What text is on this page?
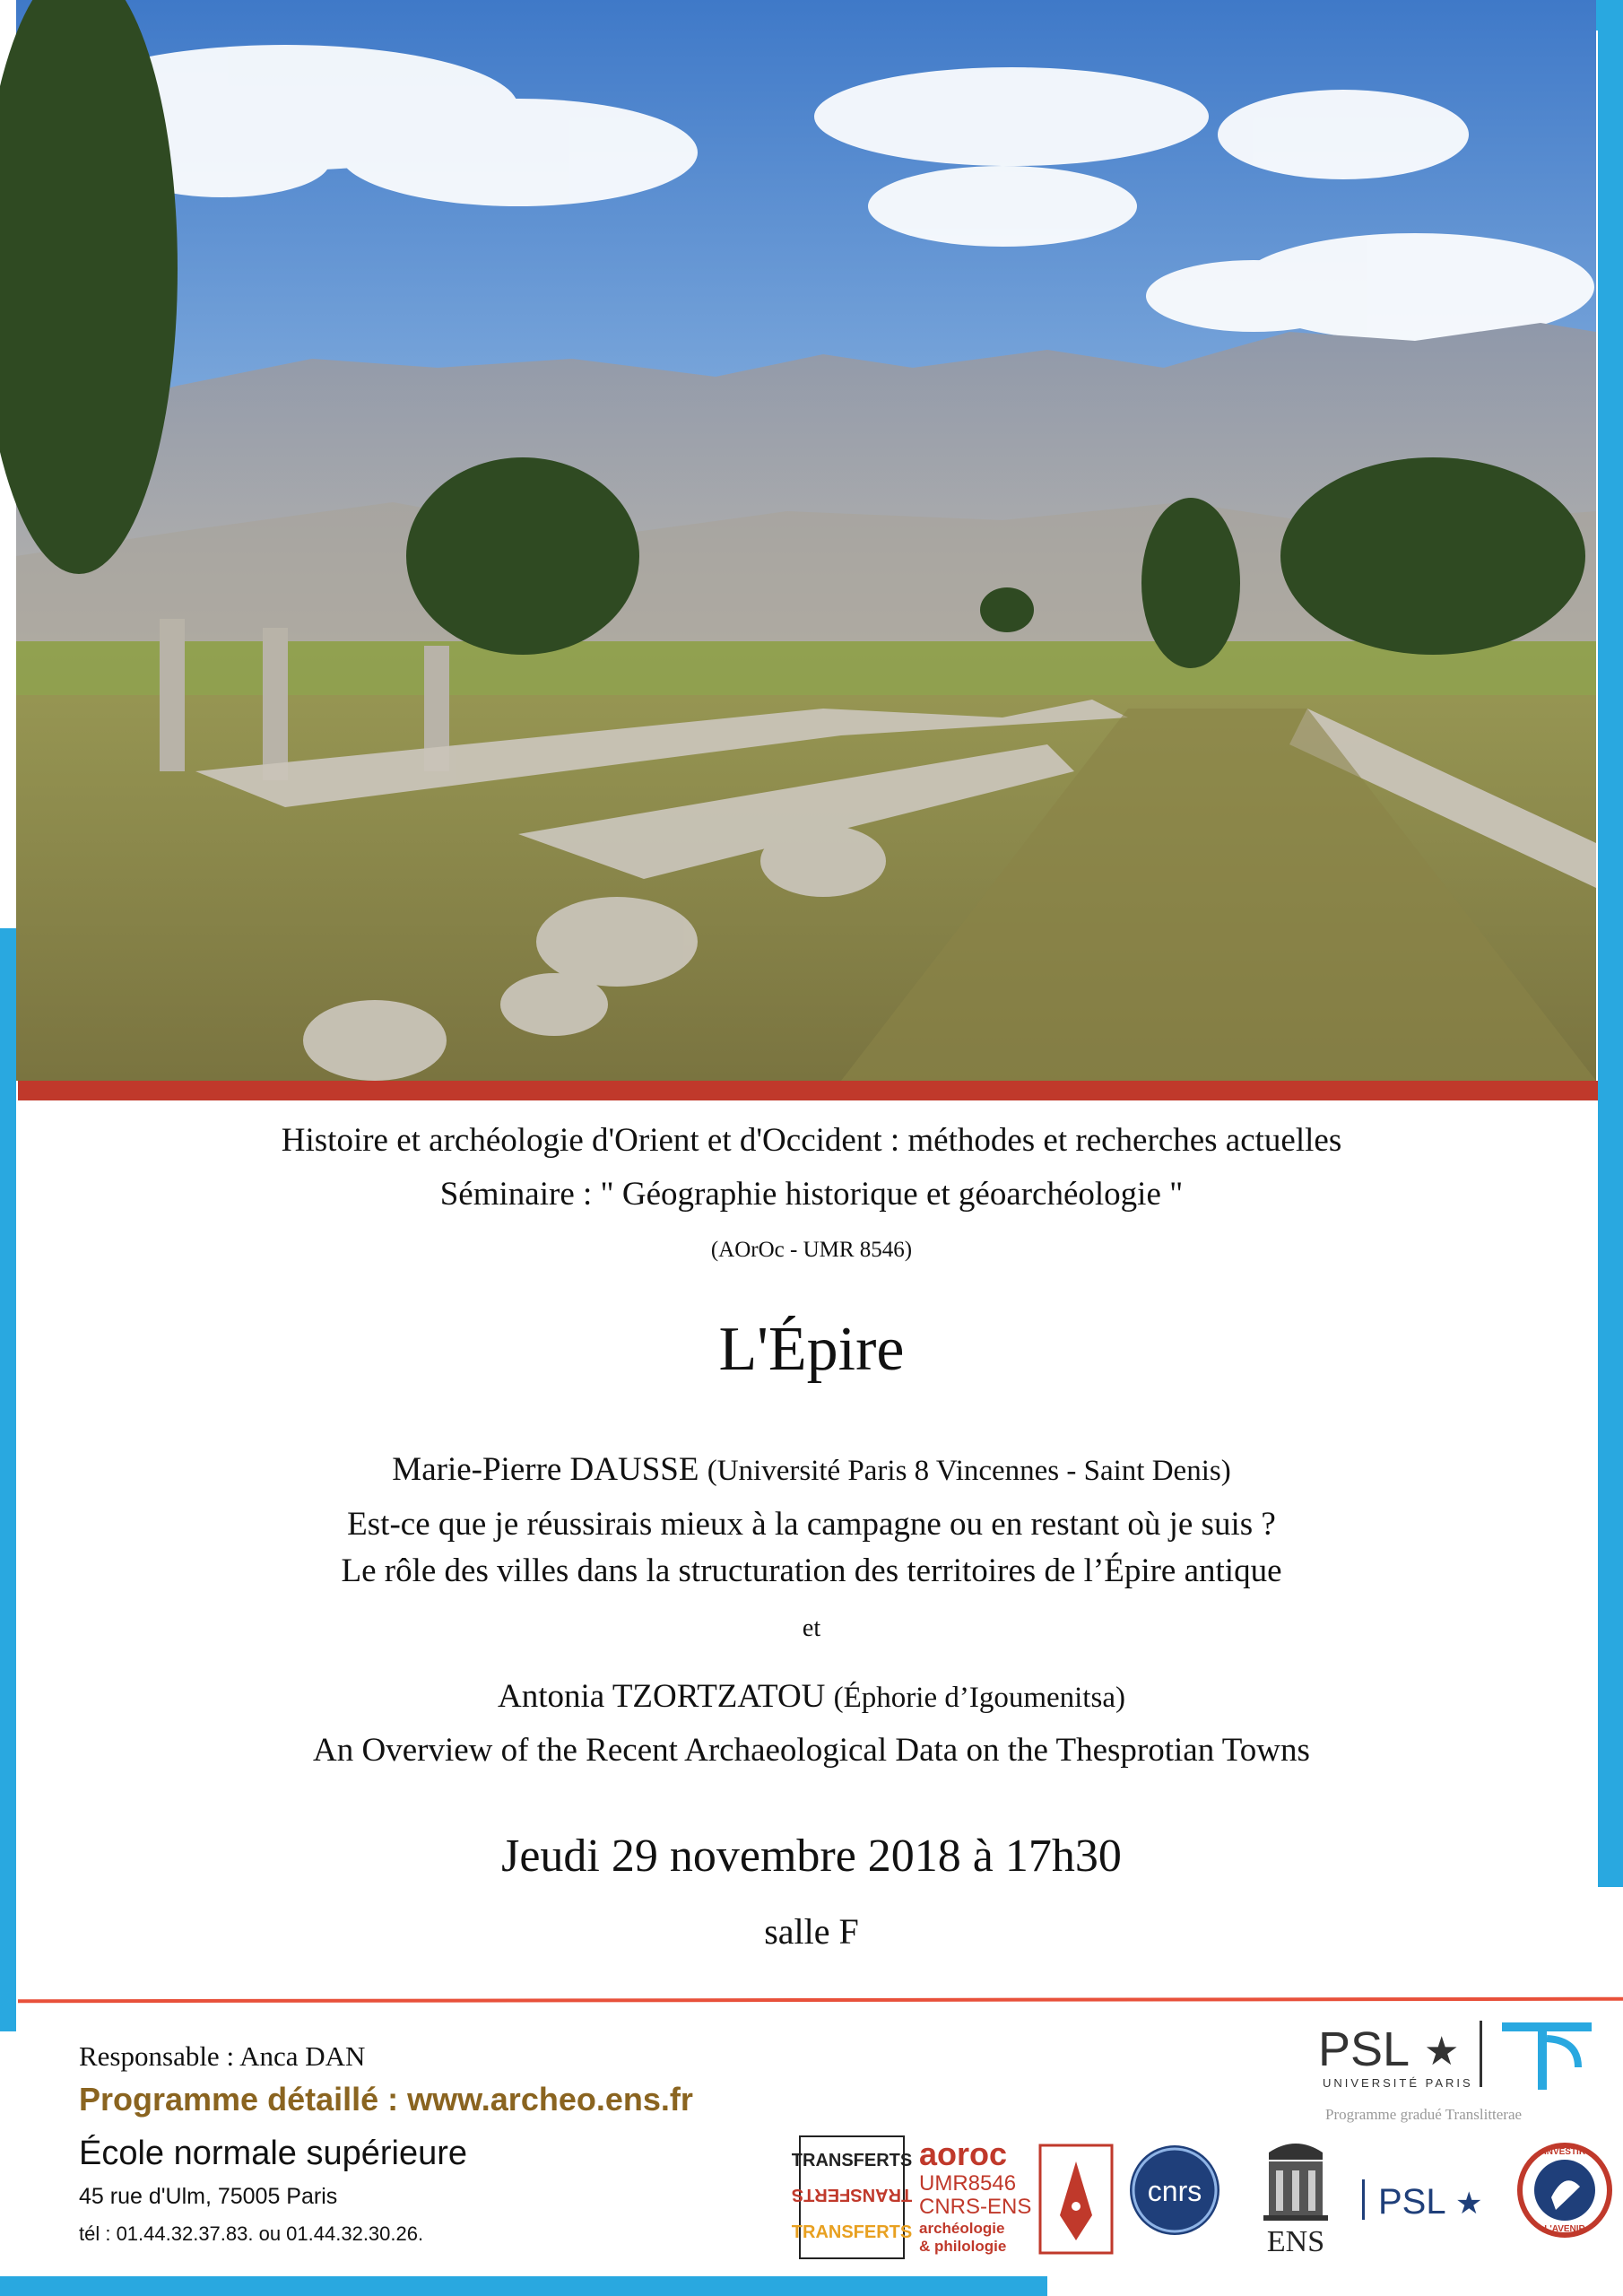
Histoire et archéologie d'Orient et d'Occident : méthodes et recherches actuelles
Séminaire : " Géographie historique et géoarchéologie "
(AOrOc - UMR 8546)
L'Épire
Marie-Pierre DAUSSE (Université Paris 8 Vincennes - Saint Denis)
Est-ce que je réussirais mieux à la campagne ou en restant où je suis ?
Le rôle des villes dans la structuration des territoires de l’Épire antique
et
Antonia TZORTZATOU (Éphorie d’Igoumenitsa)
An Overview of the Recent Archaeological Data on the Thesprotian Towns
Jeudi 29 novembre 2018 à 17h30
salle F
Responsable : Anca DAN
Programme détaillé : www.archeo.ens.fr
École normale supérieure
45 rue d'Ulm, 75005 Paris
tél : 01.44.32.37.83. ou 01.44.32.30.26.
PSL ★
UNIVERSITÉ PARIS
Programme gradué Translitterae
TRANSFERTS
TRANSFERTS
TRANSFERTS
aoroc
UMR8546
CNRS-ENS
archéologie
& philologie
cnrs
ENS
PSL ★
INVESTIR
L'AVENIR
